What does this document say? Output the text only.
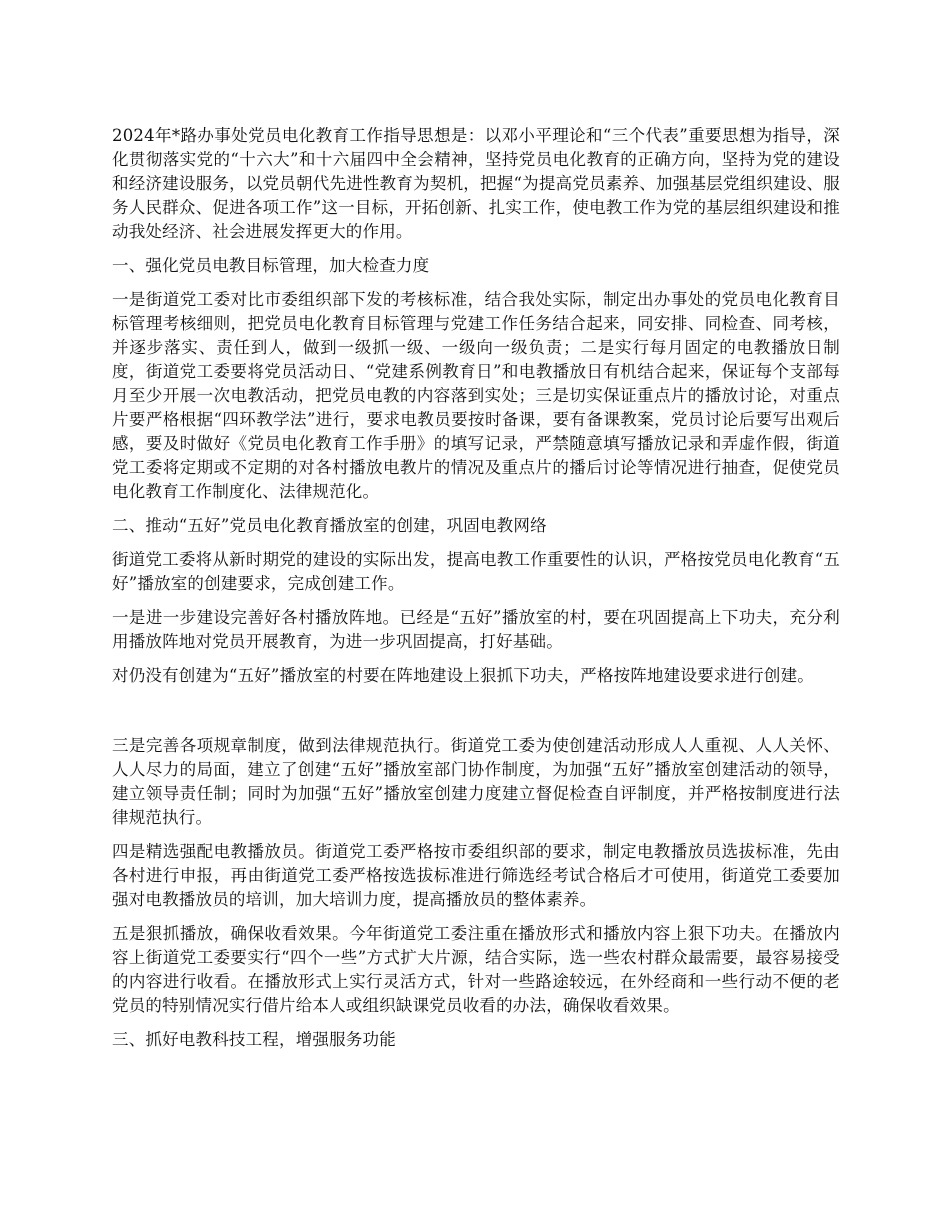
2024年*路办事处党员电化教育工作指导思想是：以邓小平理论和“三个代表”重要思想为指导，深化贯彻落实党的“十六大”和十六届四中全会精神，坚持党员电化教育的正确方向，坚持为党的建设和经济建设服务，以党员朝代先进性教育为契机，把握“为提高党员素养、加强基层党组织建设、服务人民群众、促进各项工作”这一目标，开拓创新、扎实工作，使电教工作为党的基层组织建设和推动我处经济、社会进展发挥更大的作用。

一、强化党员电教目标管理，加大检查力度

一是街道党工委对比市委组织部下发的考核标准，结合我处实际，制定出办事处的党员电化教育目标管理考核细则，把党员电化教育目标管理与党建工作任务结合起来，同安排、同检查、同考核，并逐步落实、责任到人，做到一级抓一级、一级向一级负责；二是实行每月固定的电教播放日制度，街道党工委要将党员活动日、“党建系例教育日”和电教播放日有机结合起来，保证每个支部每月至少开展一次电教活动，把党员电教的内容落到实处；三是切实保证重点片的播放讨论，对重点片要严格根据“四环教学法”进行，要求电教员要按时备课，要有备课教案，党员讨论后要写出观后感，要及时做好《党员电化教育工作手册》的填写记录，严禁随意填写播放记录和弄虚作假，街道党工委将定期或不定期的对各村播放电教片的情况及重点片的播后讨论等情况进行抽查，促使党员电化教育工作制度化、法律规范化。

二、推动“五好”党员电化教育播放室的创建，巩固电教网络

街道党工委将从新时期党的建设的实际出发，提高电教工作重要性的认识，严格按党员电化教育“五好”播放室的创建要求，完成创建工作。

一是进一步建设完善好各村播放阵地。已经是“五好”播放室的村，要在巩固提高上下功夫，充分利用播放阵地对党员开展教育，为进一步巩固提高，打好基础。

对仍没有创建为“五好”播放室的村要在阵地建设上狠抓下功夫，严格按阵地建设要求进行创建。

三是完善各项规章制度，做到法律规范执行。街道党工委为使创建活动形成人人重视、人人关怀、人人尽力的局面，建立了创建“五好”播放室部门协作制度，为加强“五好”播放室创建活动的领导，建立领导责任制；同时为加强“五好”播放室创建力度建立督促检查自评制度，并严格按制度进行法律规范执行。

四是精选强配电教播放员。街道党工委严格按市委组织部的要求，制定电教播放员选拔标准，先由各村进行申报，再由街道党工委严格按选拔标准进行筛选经考试合格后才可使用，街道党工委要加强对电教播放员的培训，加大培训力度，提高播放员的整体素养。

五是狠抓播放，确保收看效果。今年街道党工委注重在播放形式和播放内容上狠下功夫。在播放内容上街道党工委要实行“四个一些”方式扩大片源，结合实际，选一些农村群众最需要，最容易接受的内容进行收看。在播放形式上实行灵活方式，针对一些路途较远，在外经商和一些行动不便的老党员的特别情况实行借片给本人或组织缺课党员收看的办法，确保收看效果。

三、抓好电教科技工程，增强服务功能
